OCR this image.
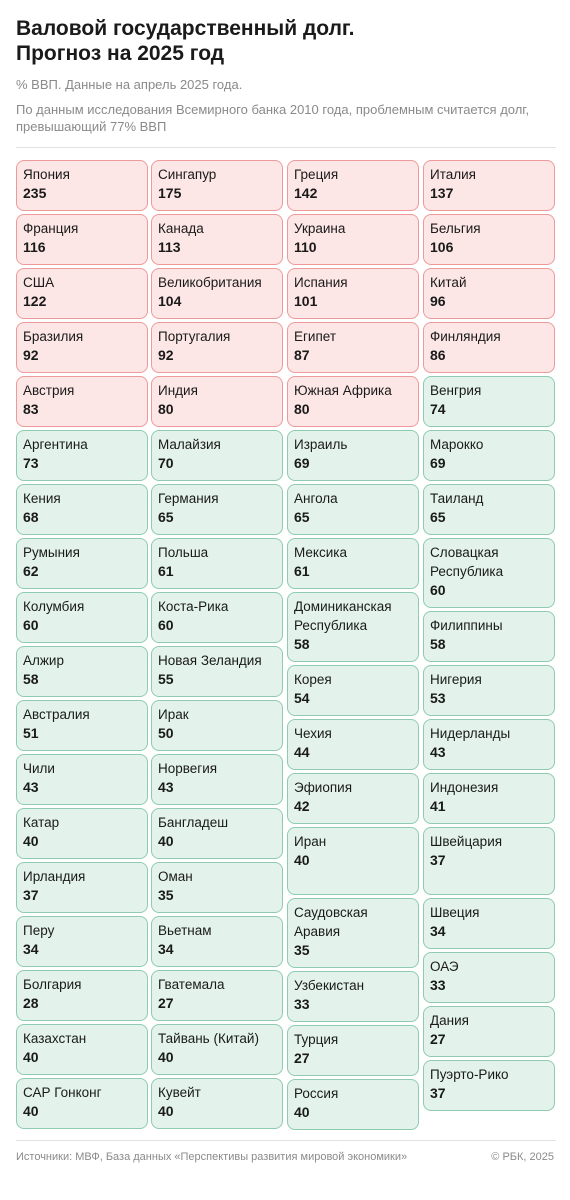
Валовой государственный долг.
Прогноз на 2025 год

% ВВП. Данные на апрель 2025 года.

По данным исследования Всемирного банка 2010 года, проблемным считается долг, превышающий 77% ВВП

Япония
235
Франция
116
США
122
Бразилия
92
Австрия
83
Аргентина
73
Кения
68
Румыния
62
Колумбия
60
Алжир
58
Австралия
51
Чили
43
Катар
40
Ирландия
37
Перу
34
Болгария
28
Казахстан
40
САР Гонконг
40
Сингапур
175
Канада
113
Великобритания
104
Португалия
92
Индия
80
Малайзия
70
Германия
65
Польша
61
Коста-Рика
60
Новая Зеландия
55
Ирак
50
Норвегия
43
Бангладеш
40
Оман
35
Вьетнам
34
Гватемала
27
Тайвань (Китай)
40
Кувейт
40
Греция
142
Украина
110
Испания
101
Египет
87
Южная Африка
80
Израиль
69
Ангола
65
Мексика
61
Доминиканская Республика
58
Корея
54
Чехия
44
Эфиопия
42
Иран
40
Саудовская Аравия
35
Узбекистан
33
Турция
27
Россия
40
Италия
137
Бельгия
106
Китай
96
Финляндия
86
Венгрия
74
Марокко
69
Таиланд
65
Словацкая Республика
60
Филиппины
58
Нигерия
53
Нидерланды
43
Индонезия
41
Швейцария
37
Швеция
34
ОАЭ
33
Дания
27
Пуэрто-Рико
37
Источники: МВФ, База данных «Перспективы развития мировой экономики»	© РБК, 2025
